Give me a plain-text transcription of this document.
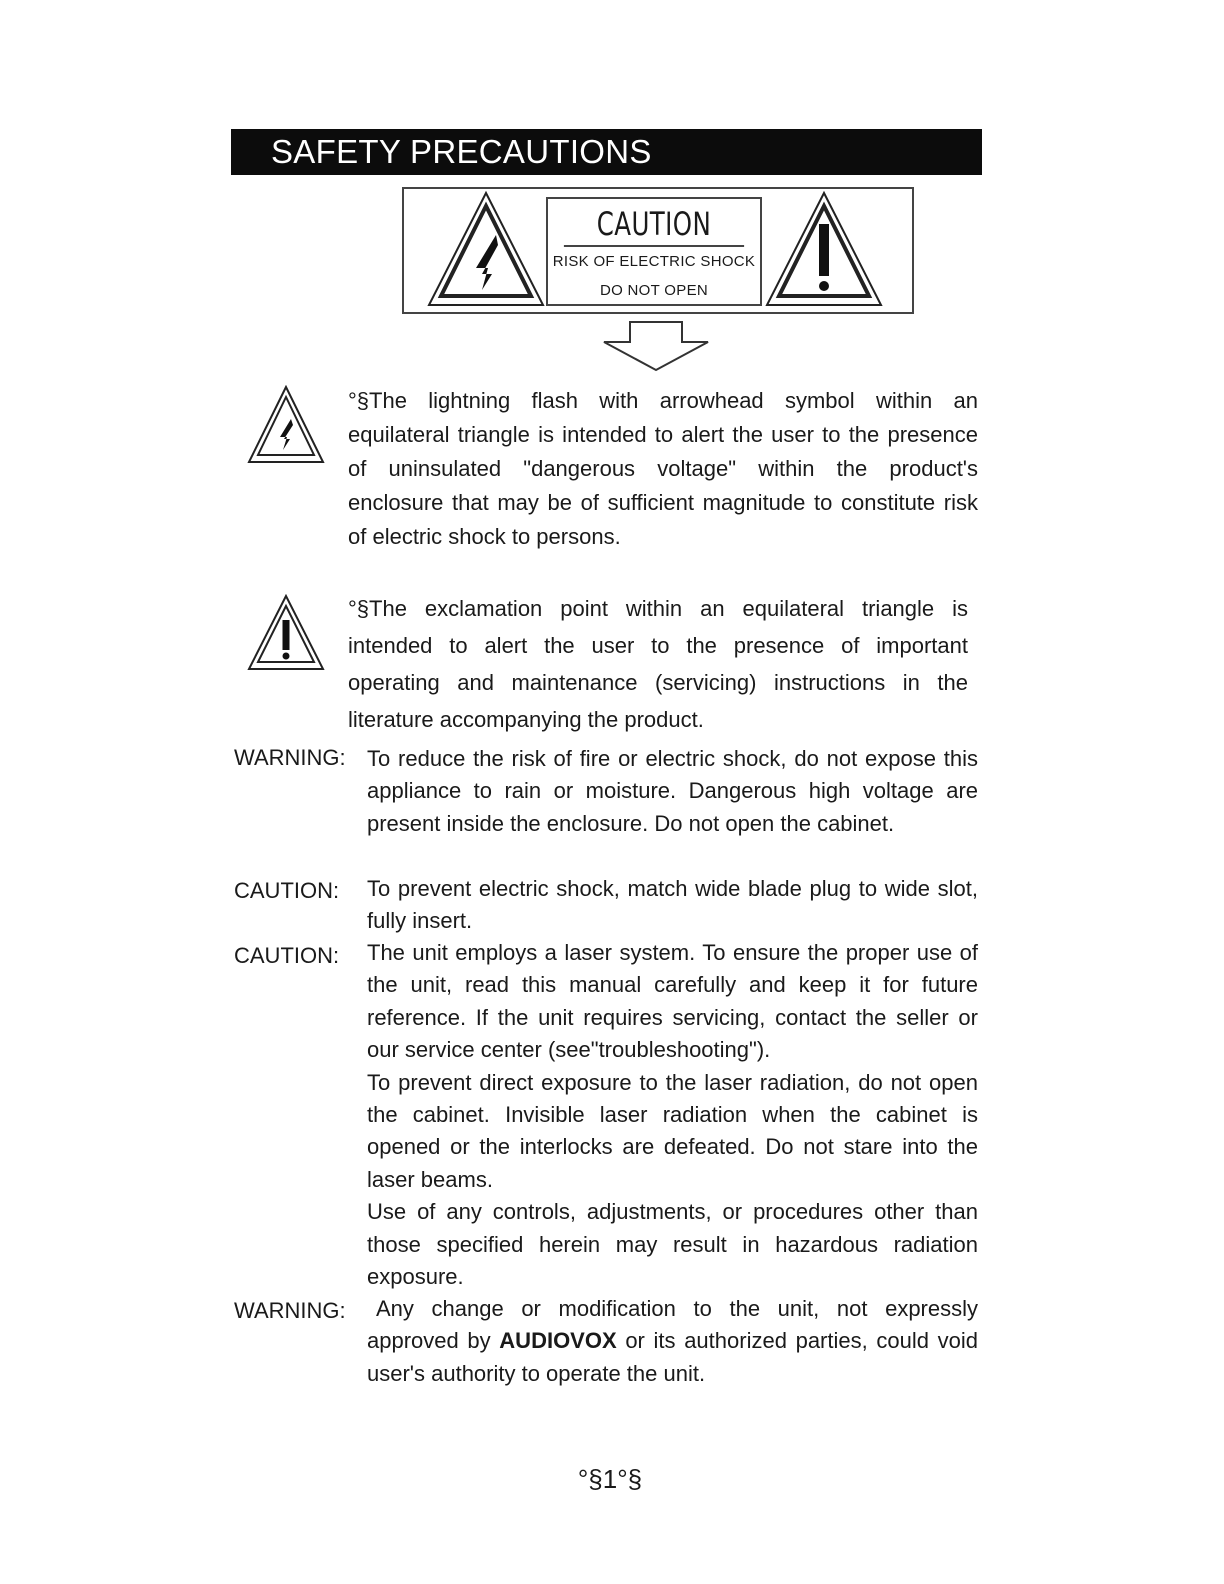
SAFETY PRECAUTIONS
CAUTION
RISK OF ELECTRIC SHOCK
DO NOT OPEN
°§The lightning flash with arrowhead symbol within an equilateral triangle is intended to alert the user to the presence of uninsulated "dangerous voltage" within the product's enclosure that may be of sufficient magnitude to constitute risk of electric shock to persons.
°§The exclamation point within an equilateral triangle is intended to alert the user to the presence of important operating and maintenance (servicing) instructions in the literature accompanying the product.
WARNING: To reduce the risk of fire or electric shock, do not expose this appliance to rain or moisture. Dangerous high voltage are present inside the enclosure. Do not open the cabinet.
CAUTION: To prevent electric shock, match wide blade plug to wide slot, fully insert.
CAUTION: The unit employs a laser system. To ensure the proper use of the unit, read this manual carefully and keep it for future reference. If the unit requires servicing, contact the seller or our service center (see"troubleshooting").
To prevent direct exposure to the laser radiation, do not open the cabinet. Invisible laser radiation when the cabinet is opened or the interlocks are defeated. Do not stare into the laser beams.
Use of any controls, adjustments, or procedures other than those specified herein may result in hazardous radiation exposure.
WARNING:	Any change or modification to the unit, not expressly approved by AUDIOVOX or its authorized parties, could void user's authority to operate the unit.
°§1°§
